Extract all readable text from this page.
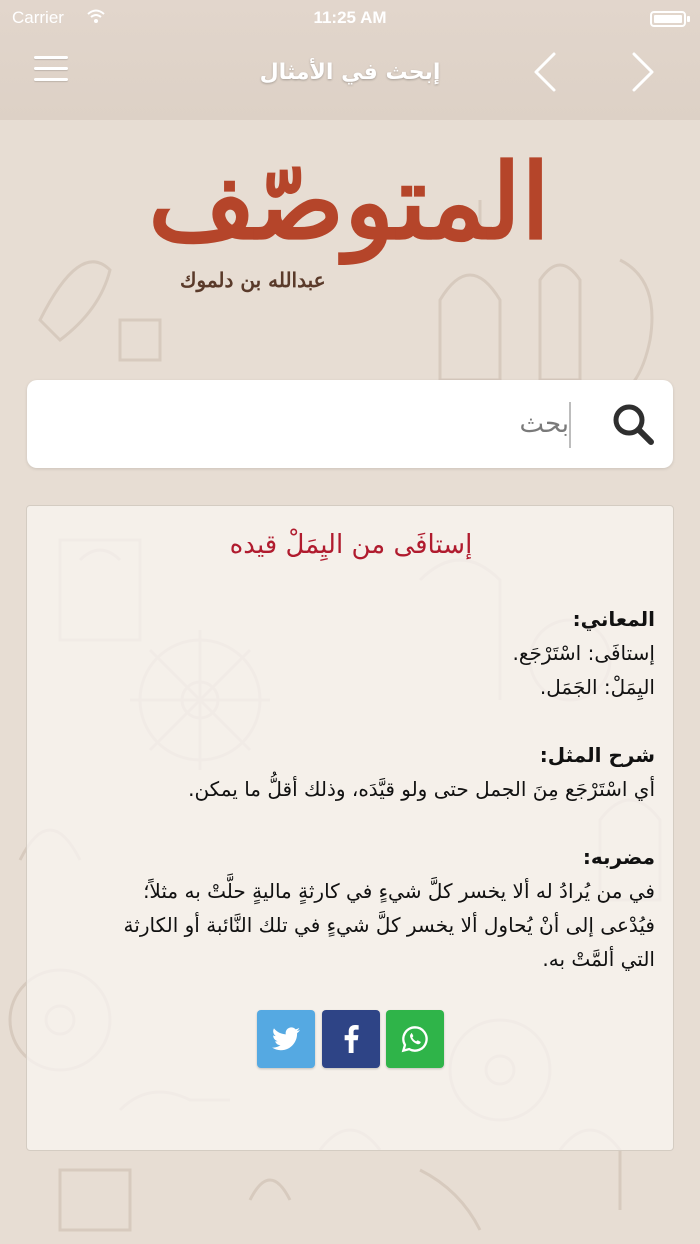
Carrier	11:25 AM
إبحث في الأمثال
المتوصّف
عبدالله بن دلموك
بحث
إستافَى من اليِمَلْ قيده
المعاني:
إستافَى: اسْتَرْجَع.
اليِمَلْ: الجَمَل.
شرح المثل:
أي اسْتَرْجَع مِنَ الجمل حتى ولو قيَّدَه، وذلك أقلُّ ما يمكن.
مضربه:
في من يُرادُ له ألا يخسر كلَّ شيءٍ في كارثةٍ ماليةٍ حلَّتْ به مثلاً؛
فيُدْعى إلى أنْ يُحاول ألا يخسر كلَّ شيءٍ في تلك النَّائبة أو الكارثة
التي ألمَّتْ به.
